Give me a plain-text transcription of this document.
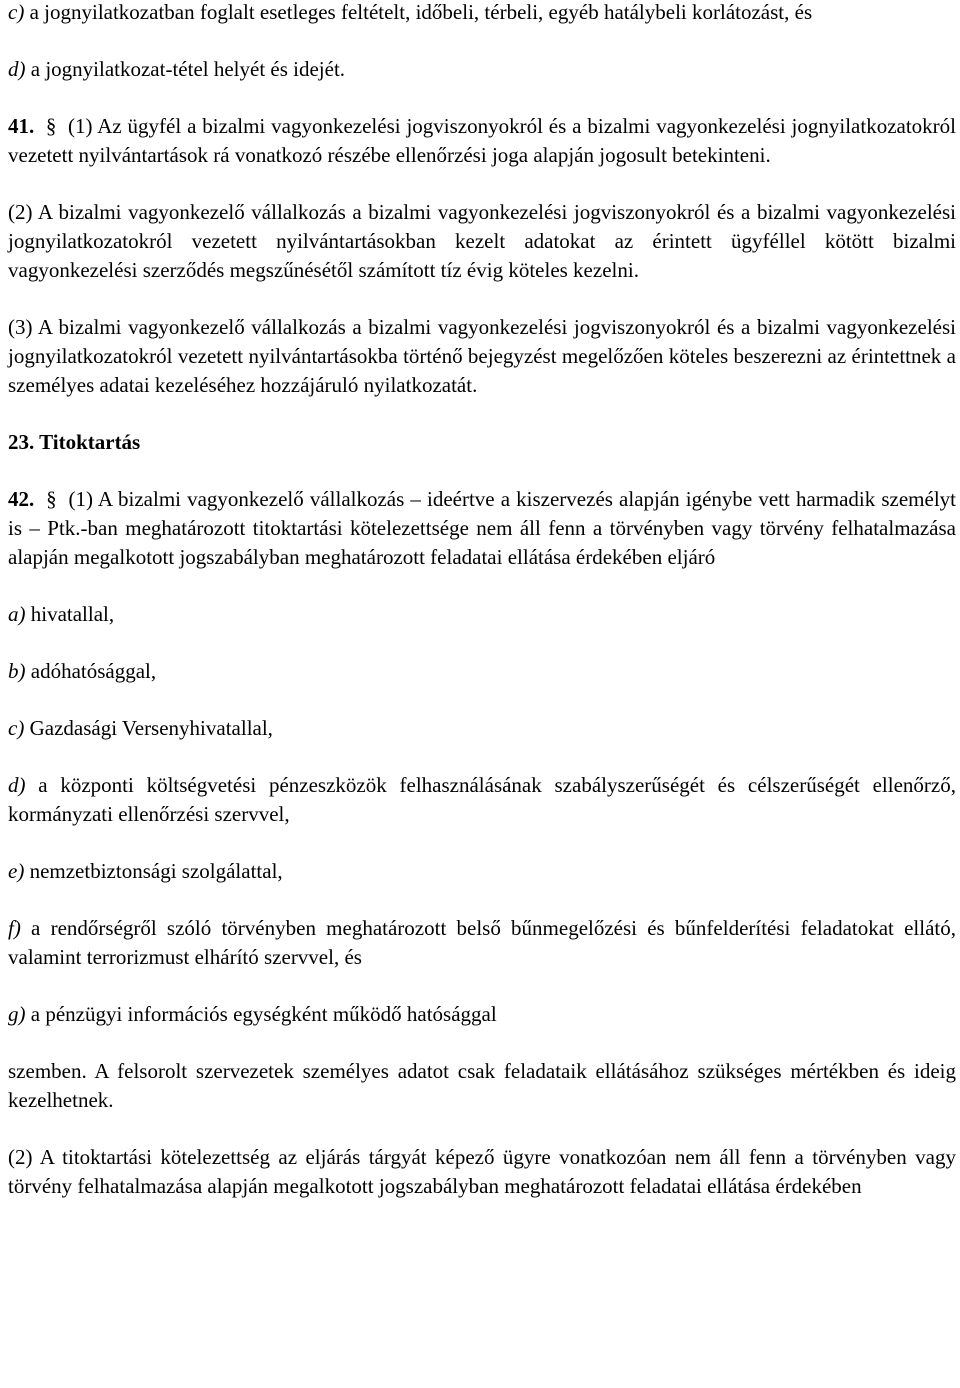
c) a jognyilatkozatban foglalt esetleges feltételt, időbeli, térbeli, egyéb hatálybeli korlátozást, és

d) a jognyilatkozat-tétel helyét és idejét.

41. § (1) Az ügyfél a bizalmi vagyonkezelési jogviszonyokról és a bizalmi vagyonkezelési jognyilatkozatokról vezetett nyilvántartások rá vonatkozó részébe ellenőrzési joga alapján jogosult betekinteni.

(2) A bizalmi vagyonkezelő vállalkozás a bizalmi vagyonkezelési jogviszonyokról és a bizalmi vagyonkezelési jognyilatkozatokról vezetett nyilvántartásokban kezelt adatokat az érintett ügyféllel kötött bizalmi vagyonkezelési szerződés megszűnésétől számított tíz évig köteles kezelni.

(3) A bizalmi vagyonkezelő vállalkozás a bizalmi vagyonkezelési jogviszonyokról és a bizalmi vagyonkezelési jognyilatkozatokról vezetett nyilvántartásokba történő bejegyzést megelőzően köteles beszerezni az érintettnek a személyes adatai kezeléséhez hozzájáruló nyilatkozatát.

23. Titoktartás

42. § (1) A bizalmi vagyonkezelő vállalkozás – ideértve a kiszervezés alapján igénybe vett harmadik személyt is – Ptk.-ban meghatározott titoktartási kötelezettsége nem áll fenn a törvényben vagy törvény felhatalmazása alapján megalkotott jogszabályban meghatározott feladatai ellátása érdekében eljáró

a) hivatallal,

b) adóhatósággal,

c) Gazdasági Versenyhivatallal,

d) a központi költségvetési pénzeszközök felhasználásának szabályszerűségét és célszerűségét ellenőrző, kormányzati ellenőrzési szervvel,

e) nemzetbiztonsági szolgálattal,

f) a rendőrségről szóló törvényben meghatározott belső bűnmegelőzési és bűnfelderítési feladatokat ellátó, valamint terrorizmust elhárító szervvel, és

g) a pénzügyi információs egységként működő hatósággal

szemben. A felsorolt szervezetek személyes adatot csak feladataik ellátásához szükséges mértékben és ideig kezelhetnek.

(2) A titoktartási kötelezettség az eljárás tárgyát képező ügyre vonatkozóan nem áll fenn a törvényben vagy törvény felhatalmazása alapján megalkotott jogszabályban meghatározott feladatai ellátása érdekében
